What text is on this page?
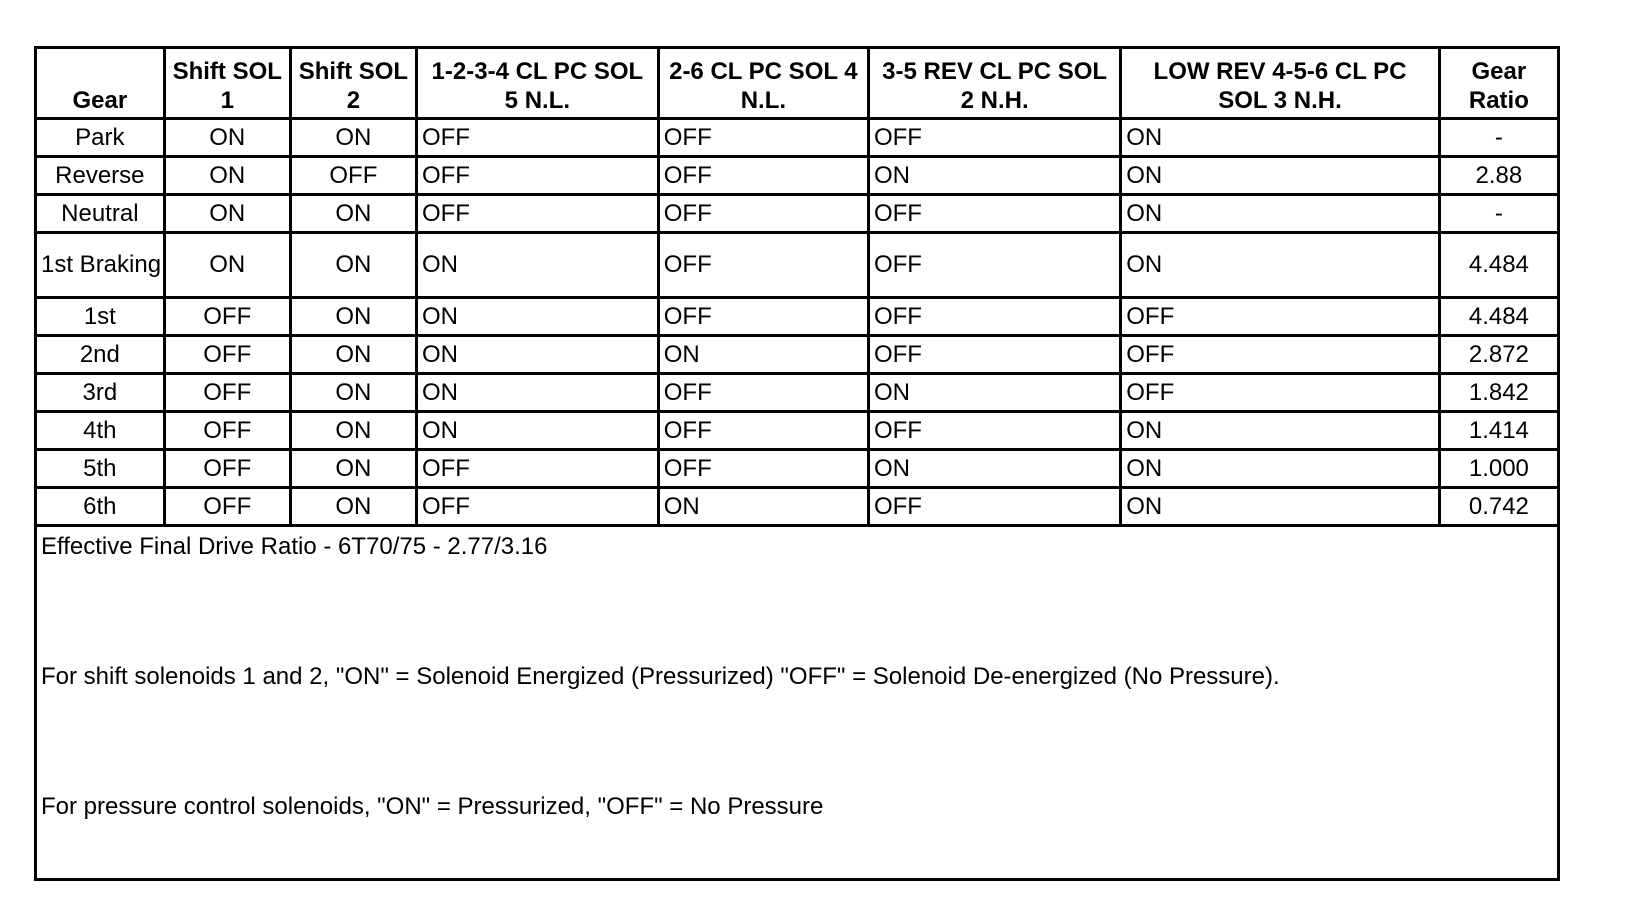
Gear	Shift SOL 1	Shift SOL 2	1-2-3-4 CL PC SOL 5 N.L.	2-6 CL PC SOL 4 N.L.	3-5 REV CL PC SOL 2 N.H.	LOW REV 4-5-6 CL PC SOL 3 N.H.	Gear Ratio
Park	ON	ON	OFF	OFF	OFF	ON	-
Reverse	ON	OFF	OFF	OFF	ON	ON	2.88
Neutral	ON	ON	OFF	OFF	OFF	ON	-
1st Braking	ON	ON	ON	OFF	OFF	ON	4.484
1st	OFF	ON	ON	OFF	OFF	OFF	4.484
2nd	OFF	ON	ON	ON	OFF	OFF	2.872
3rd	OFF	ON	ON	OFF	ON	OFF	1.842
4th	OFF	ON	ON	OFF	OFF	ON	1.414
5th	OFF	ON	OFF	OFF	ON	ON	1.000
6th	OFF	ON	OFF	ON	OFF	ON	0.742
Effective Final Drive Ratio - 6T70/75 - 2.77/3.16
For shift solenoids 1 and 2, "ON" = Solenoid Energized (Pressurized) "OFF" = Solenoid De-energized (No Pressure).
For pressure control solenoids, "ON" = Pressurized, "OFF" = No Pressure
